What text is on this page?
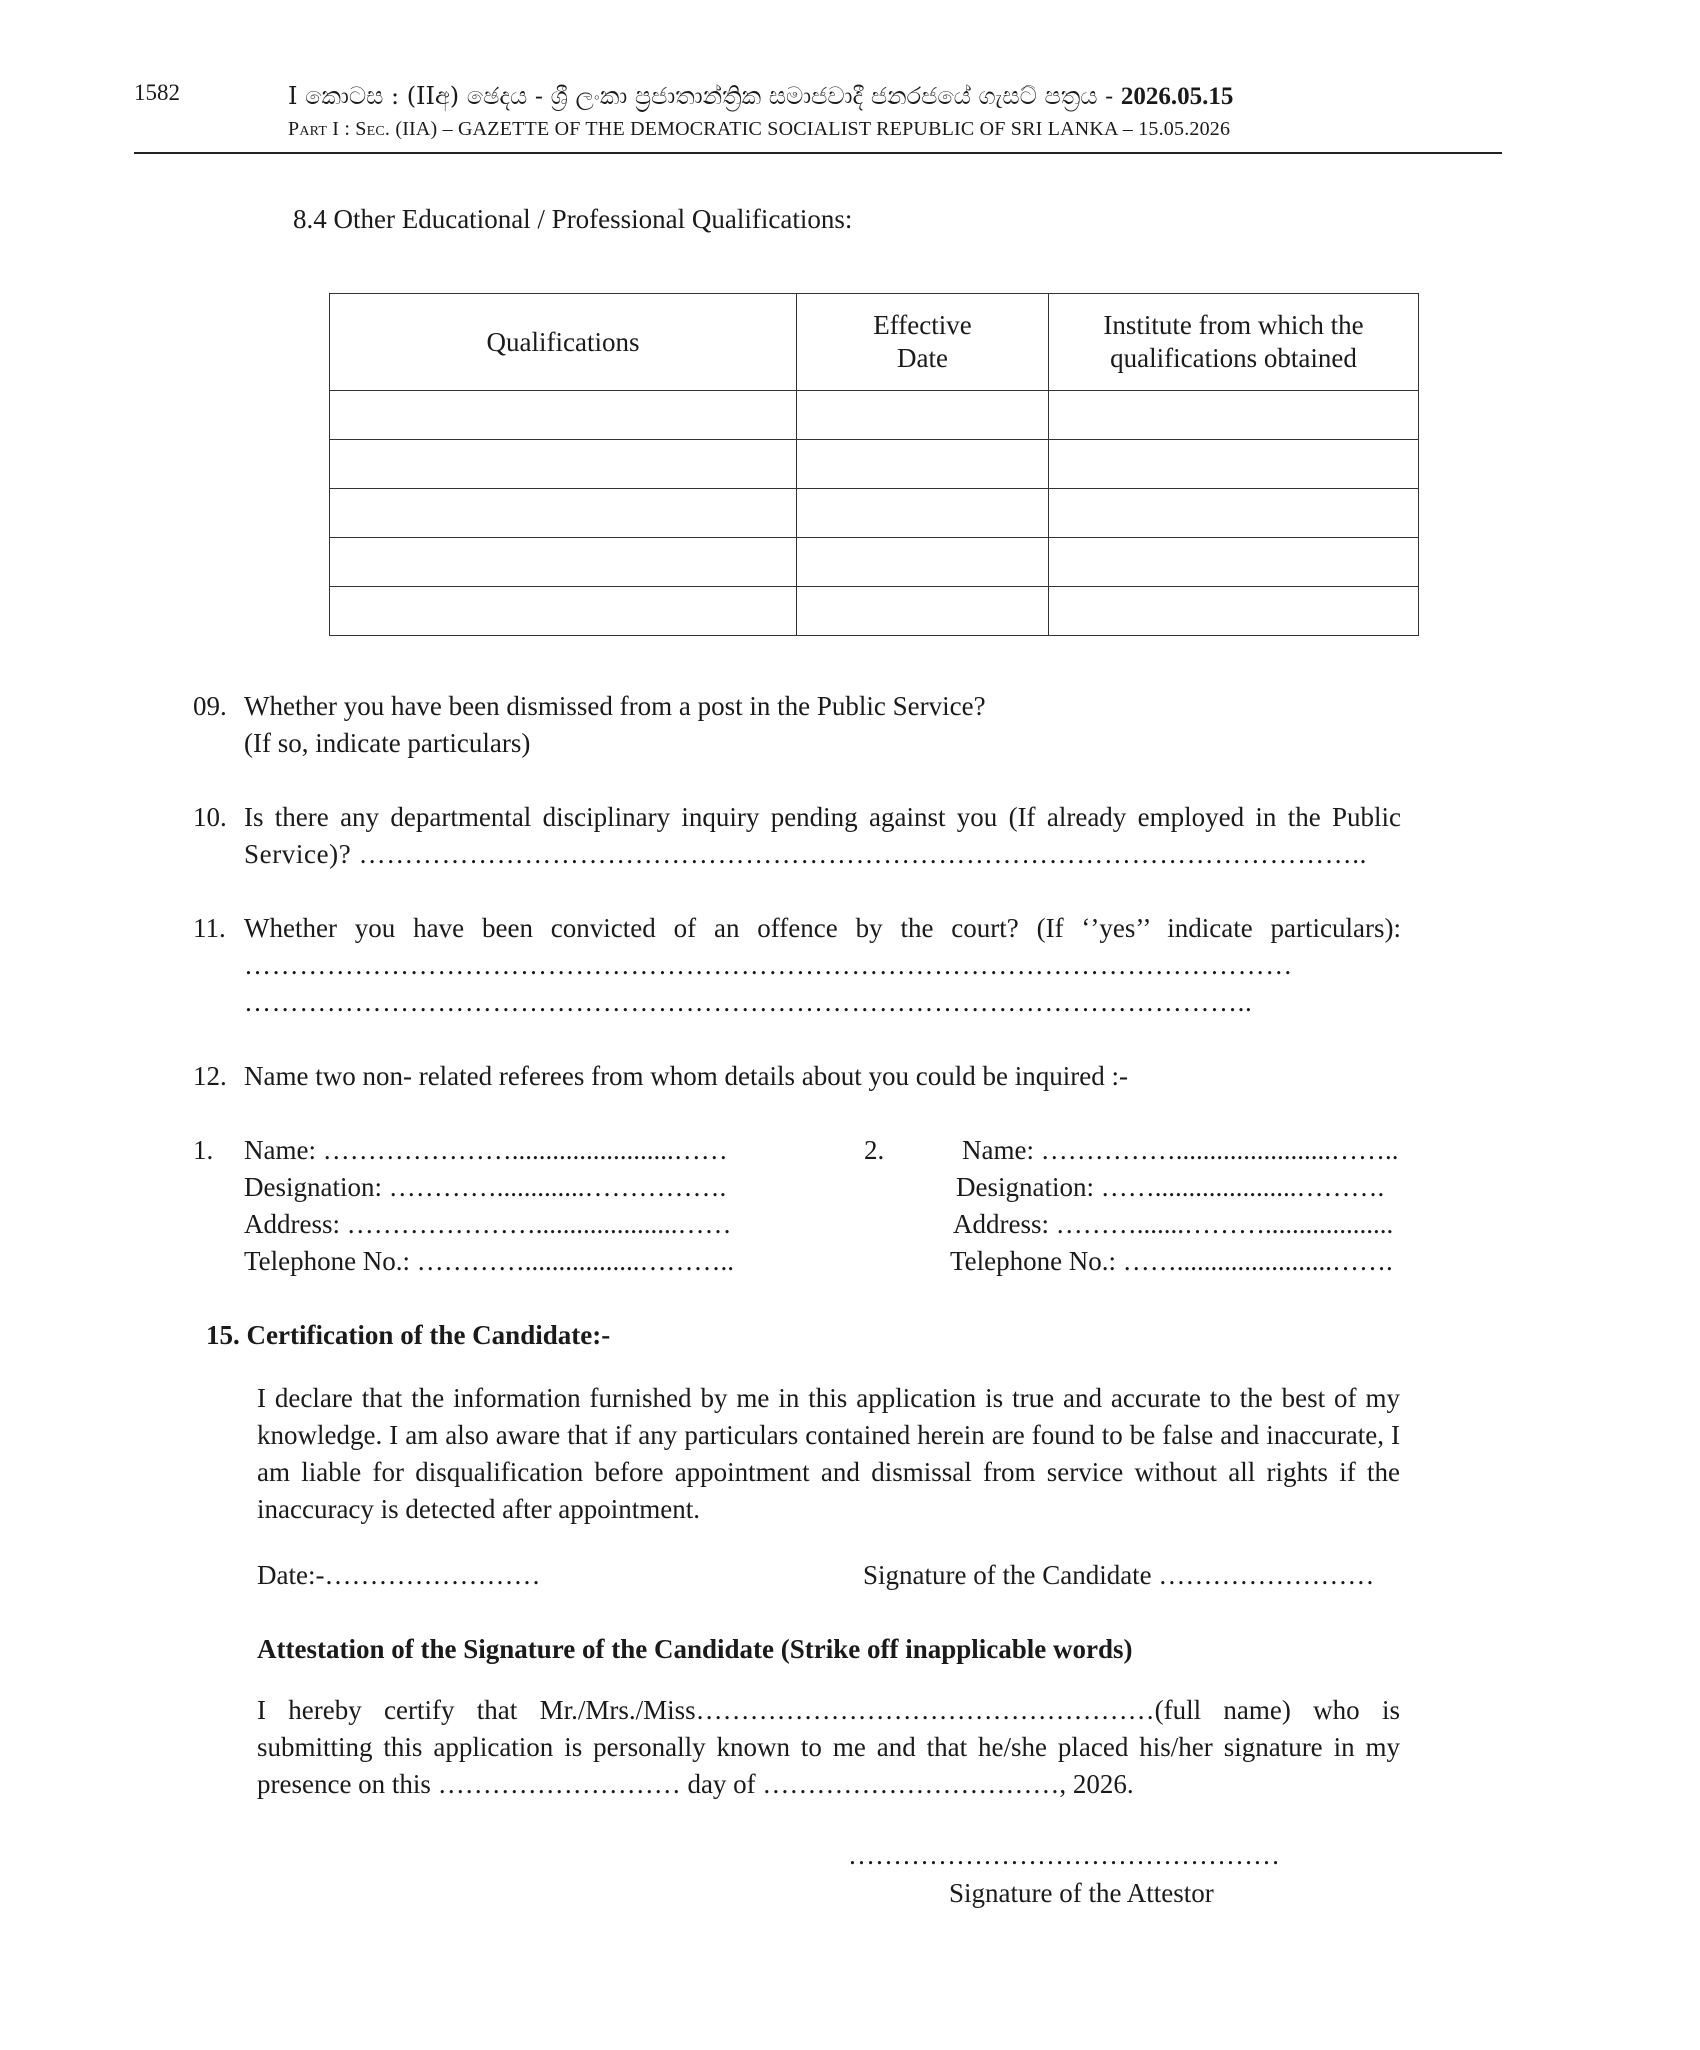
1582	I කොටස : (IIඅ) ඡෙදය - ශ්‍රී ලංකා ප්‍රජාතාන්ත්‍රික සමාජවාදී ජනරජයේ ගැසට් පත්‍රය - 2026.05.15
Part I : Sec. (IIA) – GAZETTE OF THE DEMOCRATIC SOCIALIST REPUBLIC OF SRI LANKA – 15.05.2026
8.4 Other Educational / Professional Qualifications:
Qualifications	Effective Date	Institute from which the qualifications obtained

09. Whether you have been dismissed from a post in the Public Service?
(If so, indicate particulars)
10. Is there any departmental disciplinary inquiry pending against you (If already employed in the Public
Service)? ………………………………………………………………………………………………..
11. Whether you have been convicted of an offence by the court? (If ‘’yes’’ indicate particulars):
……………………………………………………………………………………………………
………………………………………………………………………………………………..
12. Name two non- related referees from whom details about you could be inquired :-
1. Name: …………………........................……
Designation: ………….............…………….
Address: ………………….....................……
Telephone No.: ………….................………..
2.	Name: …………….......................……..
Designation: …….....................……….
Address: ……….......………...................
Telephone No.: …….......................…….
15. Certification of the Candidate:-
I declare that the information furnished by me in this application is true and accurate to the best of my knowledge. I am also aware that if any particulars contained herein are found to be false and inaccurate, I am liable for disqualification before appointment and dismissal from service without all rights if the inaccuracy is detected after appointment.
Date:-……………………	Signature of the Candidate ……………………
Attestation of the Signature of the Candidate (Strike off inapplicable words)
I hereby certify that Mr./Mrs./Miss……………………………………………(full name) who is submitting this application is personally known to me and that he/she placed his/her signature in my presence on this ……………………… day of ……………………………, 2026.
…………………………………………
Signature of the Attestor
